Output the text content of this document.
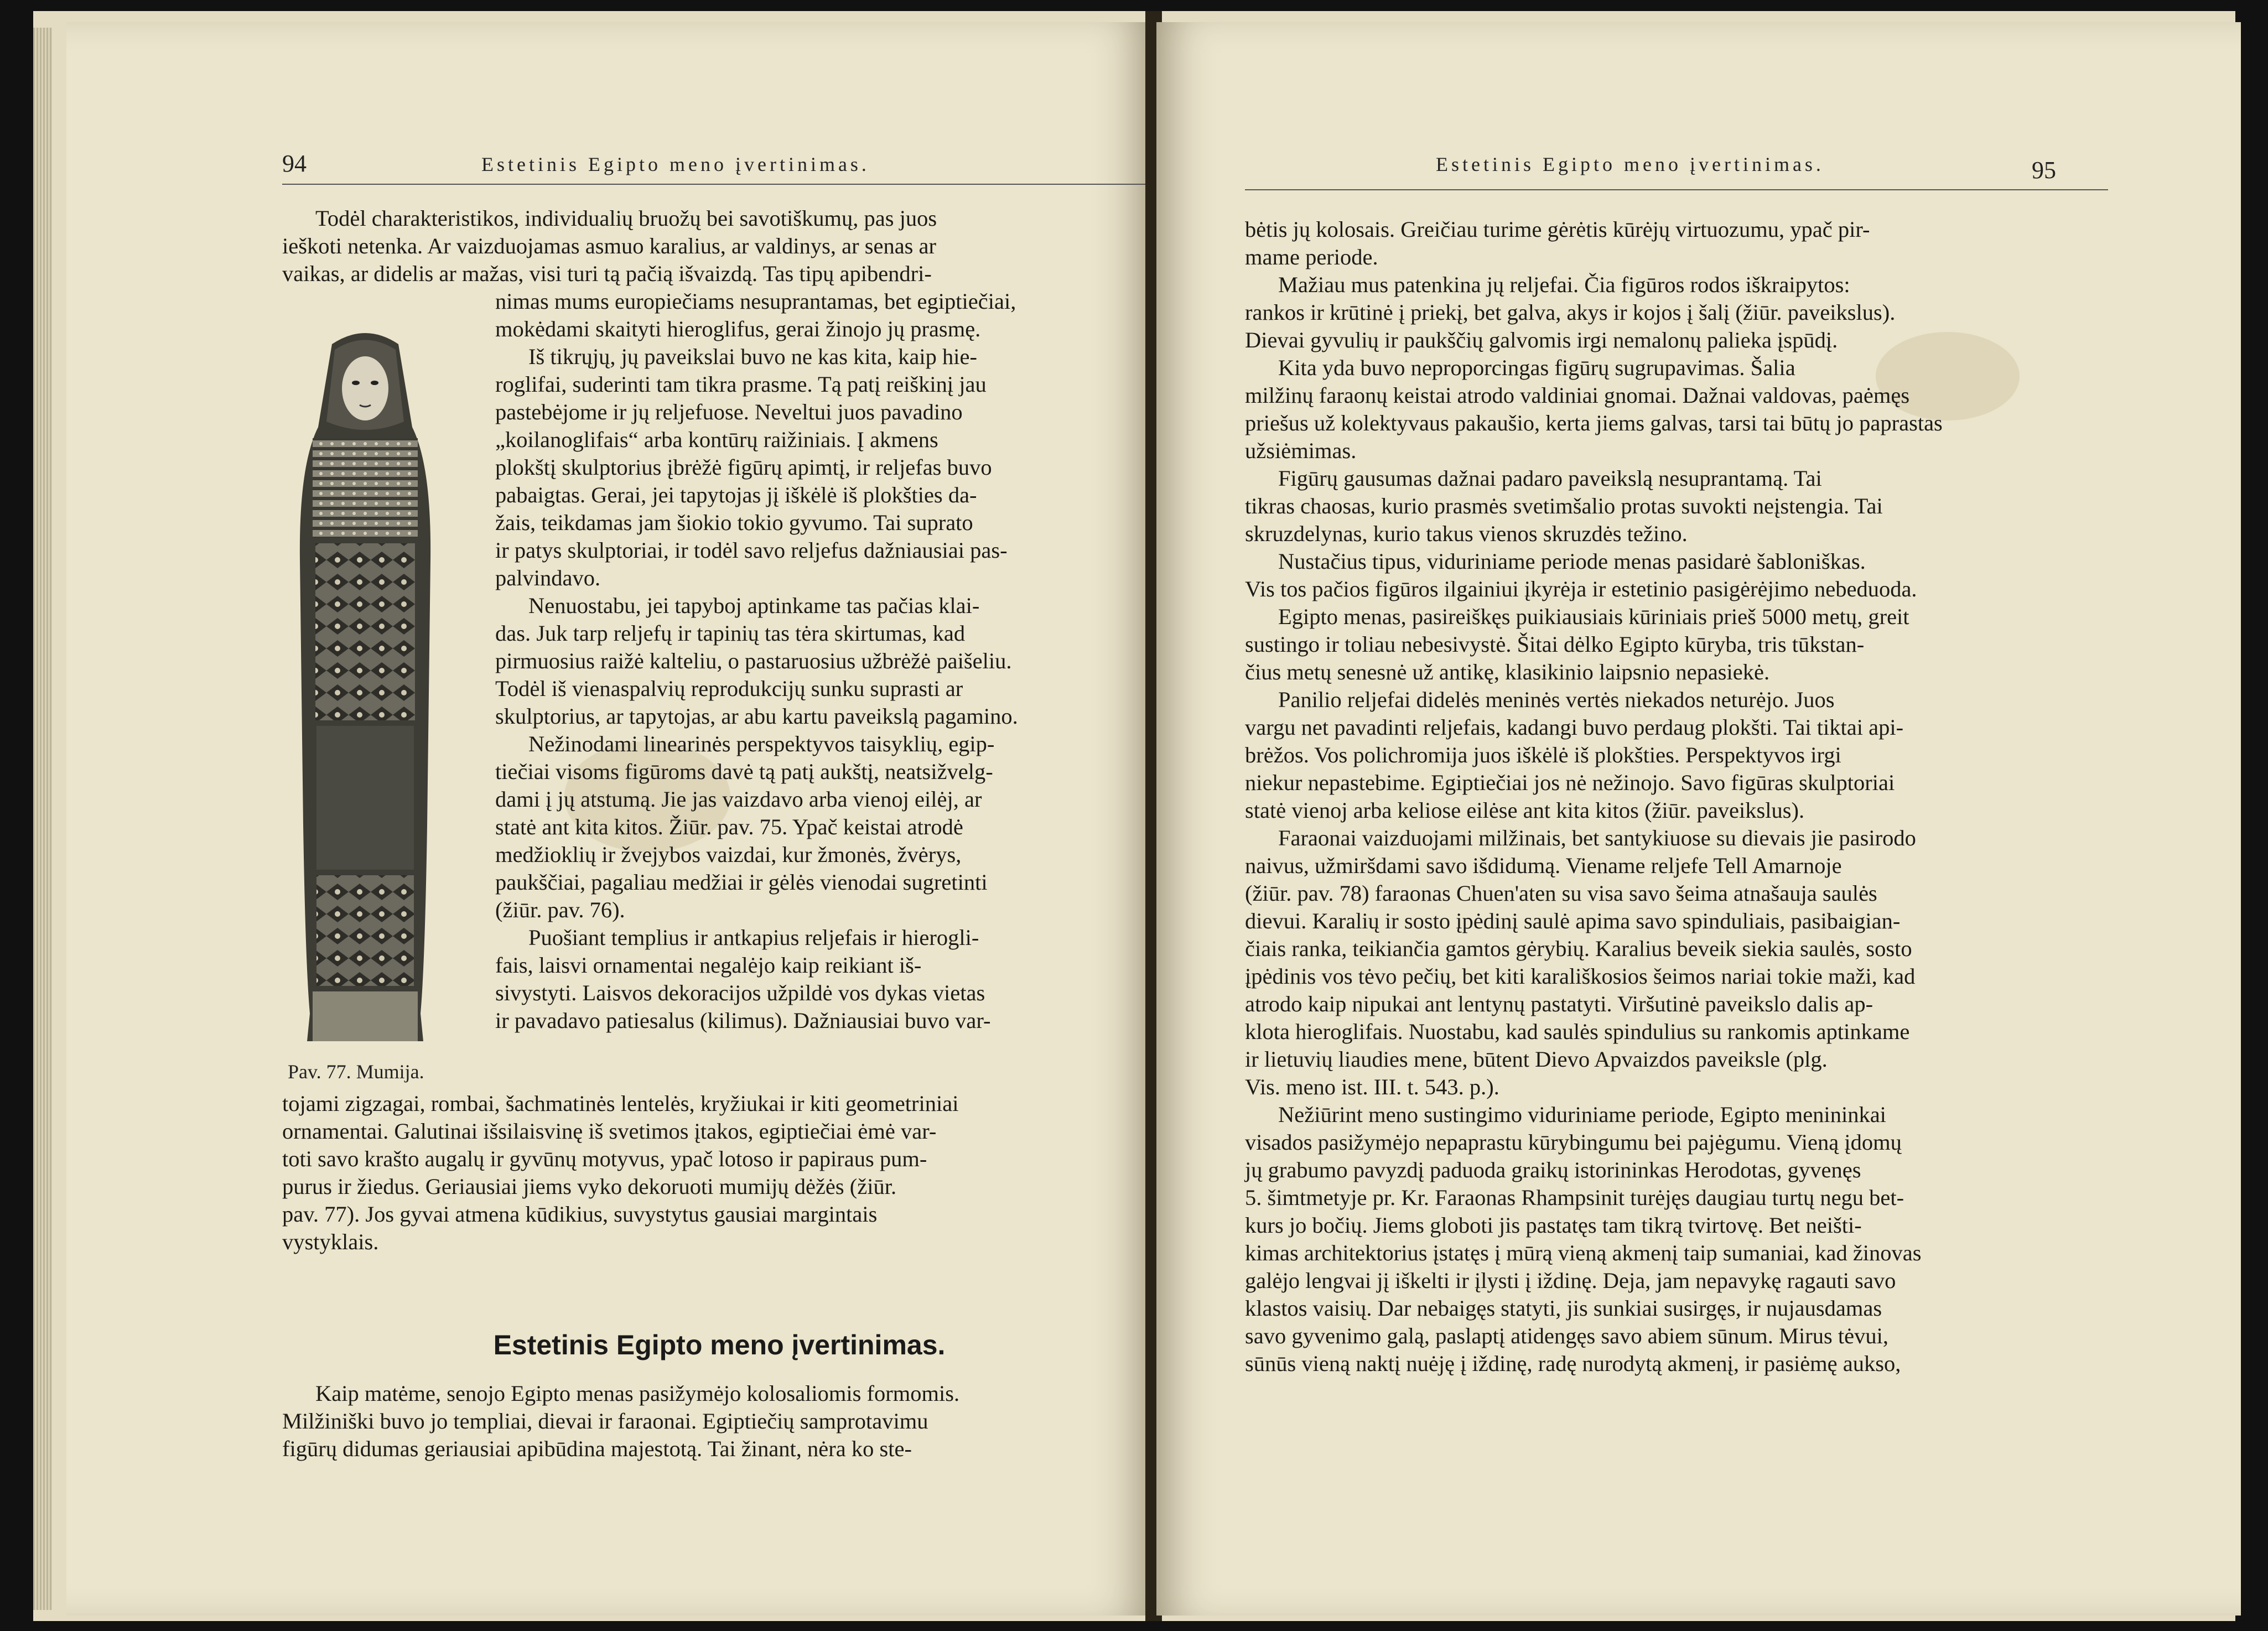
94	Estetinis Egipto meno įvertinimas.

Todėl charakteristikos, individualių bruožų bei savotiškumų, pas juos

ieškoti netenka. Ar vaizduojamas asmuo karalius, ar valdinys, ar senas ar

vaikas, ar didelis ar mažas, visi turi tą pačią išvaizdą. Tas tipų apibendri-

Pav. 77. Mumija.

nimas mums europiečiams nesuprantamas, bet egiptiečiai,

mokėdami skaityti hieroglifus, gerai žinojo jų prasmę.

Iš tikrųjų, jų paveikslai buvo ne kas kita, kaip hie-

roglifai, suderinti tam tikra prasme. Tą patį reiškinį jau

pastebėjome ir jų reljefuose. Neveltui juos pavadino

„koilanoglifais“ arba kontūrų raižiniais. Į akmens

plokštį skulptorius įbrėžė figūrų apimtį, ir reljefas buvo

pabaigtas. Gerai, jei tapytojas jį iškėlė iš plokšties da-

žais, teikdamas jam šiokio tokio gyvumo. Tai suprato

ir patys skulptoriai, ir todėl savo reljefus dažniausiai pas-

palvindavo.

Nenuostabu, jei tapyboj aptinkame tas pačias klai-

das. Juk tarp reljefų ir tapinių tas tėra skirtumas, kad

pirmuosius raižė kalteliu, o pastaruosius užbrėžė paišeliu.

Todėl iš vienaspalvių reprodukcijų sunku suprasti ar

skulptorius, ar tapytojas, ar abu kartu paveikslą pagamino.

Nežinodami linearinės perspektyvos taisyklių, egip-

tiečiai visoms figūroms davė tą patį aukštį, neatsižvelg-

dami į jų atstumą. Jie jas vaizdavo arba vienoj eilėj, ar

statė ant kita kitos. Žiūr. pav. 75. Ypač keistai atrodė

medžioklių ir žvejybos vaizdai, kur žmonės, žvėrys,

paukščiai, pagaliau medžiai ir gėlės vienodai sugretinti

(žiūr. pav. 76).

Puošiant templius ir antkapius reljefais ir hierogli-

fais, laisvi ornamentai negalėjo kaip reikiant iš-

sivystyti. Laisvos dekoracijos užpildė vos dykas vietas

ir pavadavo patiesalus (kilimus). Dažniausiai buvo var-

tojami zigzagai, rombai, šachmatinės lentelės, kryžiukai ir kiti geometriniai

ornamentai. Galutinai išsilaisvinę iš svetimos įtakos, egiptiečiai ėmė var-

toti savo krašto augalų ir gyvūnų motyvus, ypač lotoso ir papiraus pum-

purus ir žiedus. Geriausiai jiems vyko dekoruoti mumijų dėžės (žiūr.

pav. 77). Jos gyvai atmena kūdikius, suvystytus gausiai margintais

vystyklais.

Estetinis Egipto meno įvertinimas.

Kaip matėme, senojo Egipto menas pasižymėjo kolosaliomis formomis.

Milžiniški buvo jo templiai, dievai ir faraonai. Egiptiečių samprotavimu

figūrų didumas geriausiai apibūdina majestotą. Tai žinant, nėra ko ste-

Estetinis Egipto meno įvertinimas.	95

bėtis jų kolosais. Greičiau turime gėrėtis kūrėjų virtuozumu, ypač pir-

mame periode.

Mažiau mus patenkina jų reljefai. Čia figūros rodos iškraipytos:

rankos ir krūtinė į priekį, bet galva, akys ir kojos į šalį (žiūr. paveikslus).

Dievai gyvulių ir paukščių galvomis irgi nemalonų palieka įspūdį.

Kita yda buvo neproporcingas figūrų sugrupavimas. Šalia

milžinų faraonų keistai atrodo valdiniai gnomai. Dažnai valdovas, paėmęs

priešus už kolektyvaus pakaušio, kerta jiems galvas, tarsi tai būtų jo paprastas

užsiėmimas.

Figūrų gausumas dažnai padaro paveikslą nesuprantamą. Tai

tikras chaosas, kurio prasmės svetimšalio protas suvokti neįstengia. Tai

skruzdelynas, kurio takus vienos skruzdės težino.

Nustačius tipus, viduriniame periode menas pasidarė šabloniškas.

Vis tos pačios figūros ilgainiui įkyrėja ir estetinio pasigėrėjimo nebeduoda.

Egipto menas, pasireiškęs puikiausiais kūriniais prieš 5000 metų, greit

sustingo ir toliau nebesivystė. Šitai dėlko Egipto kūryba, tris tūkstan-

čius metų senesnė už antikę, klasikinio laipsnio nepasiekė.

Panilio reljefai didelės meninės vertės niekados neturėjo. Juos

vargu net pavadinti reljefais, kadangi buvo perdaug plokšti. Tai tiktai api-

brėžos. Vos polichromija juos iškėlė iš plokšties. Perspektyvos irgi

niekur nepastebime. Egiptiečiai jos nė nežinojo. Savo figūras skulptoriai

statė vienoj arba keliose eilėse ant kita kitos (žiūr. paveikslus).

Faraonai vaizduojami milžinais, bet santykiuose su dievais jie pasirodo

naivus, užmiršdami savo išdidumą. Viename reljefe Tell Amarnoje

(žiūr. pav. 78) faraonas Chuen'aten su visa savo šeima atnašauja saulės

dievui. Karalių ir sosto įpėdinį saulė apima savo spinduliais, pasibaigian-

čiais ranka, teikiančia gamtos gėrybių. Karalius beveik siekia saulės, sosto

įpėdinis vos tėvo pečių, bet kiti karališkosios šeimos nariai tokie maži, kad

atrodo kaip nipukai ant lentynų pastatyti. Viršutinė paveikslo dalis ap-

klota hieroglifais. Nuostabu, kad saulės spindulius su rankomis aptinkame

ir lietuvių liaudies mene, būtent Dievo Apvaizdos paveiksle (plg.

Vis. meno ist. III. t. 543. p.).

Nežiūrint meno sustingimo viduriniame periode, Egipto menininkai

visados pasižymėjo nepaprastu kūrybingumu bei pajėgumu. Vieną įdomų

jų grabumo pavyzdį paduoda graikų istorininkas Herodotas, gyvenęs

5. šimtmetyje pr. Kr. Faraonas Rhampsinit turėjęs daugiau turtų negu bet-

kurs jo bočių. Jiems globoti jis pastatęs tam tikrą tvirtovę. Bet neišti-

kimas architektorius įstatęs į mūrą vieną akmenį taip sumaniai, kad žinovas

galėjo lengvai jį iškelti ir įlysti į iždinę. Deja, jam nepavykę ragauti savo

klastos vaisių. Dar nebaigęs statyti, jis sunkiai susirgęs, ir nujausdamas

savo gyvenimo galą, paslaptį atidengęs savo abiem sūnum. Mirus tėvui,

sūnūs vieną naktį nuėję į iždinę, radę nurodytą akmenį, ir pasiėmę aukso,
